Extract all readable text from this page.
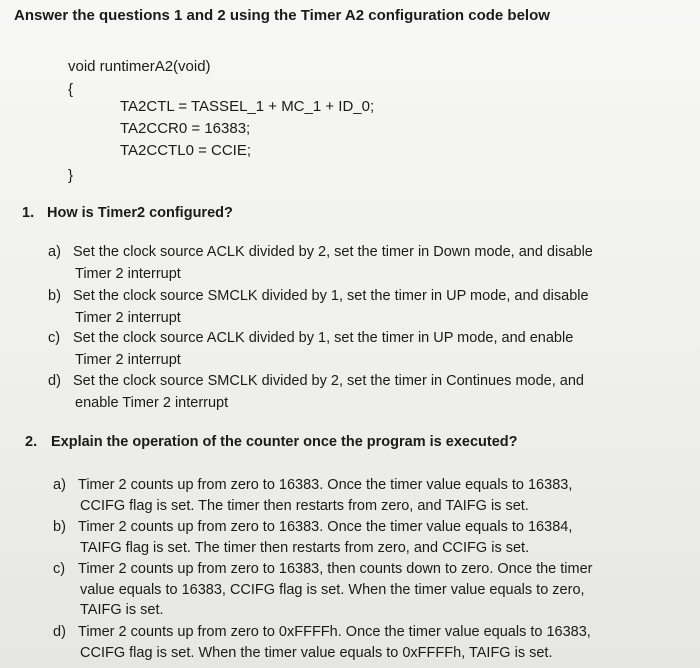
Answer the questions 1 and 2 using the Timer A2 configuration code below
void runtimerA2(void)
{
TA2CTL = TASSEL_1 + MC_1 + ID_0;
TA2CCR0 = 16383;
TA2CCTL0 = CCIE;
}
1. How is Timer2 configured?
a) Set the clock source ACLK divided by 2, set the timer in Down mode, and disable
Timer 2 interrupt
b) Set the clock source SMCLK divided by 1, set the timer in UP mode, and disable
Timer 2 interrupt
c) Set the clock source ACLK divided by 1, set the timer in UP mode, and enable
Timer 2 interrupt
d) Set the clock source SMCLK divided by 2, set the timer in Continues mode, and
enable Timer 2 interrupt
2. Explain the operation of the counter once the program is executed?
a) Timer 2 counts up from zero to 16383. Once the timer value equals to 16383,
CCIFG flag is set. The timer then restarts from zero, and TAIFG is set.
b) Timer 2 counts up from zero to 16383. Once the timer value equals to 16384,
TAIFG flag is set. The timer then restarts from zero, and CCIFG is set.
c) Timer 2 counts up from zero to 16383, then counts down to zero. Once the timer
value equals to 16383, CCIFG flag is set. When the timer value equals to zero,
TAIFG is set.
d) Timer 2 counts up from zero to 0xFFFFh. Once the timer value equals to 16383,
CCIFG flag is set. When the timer value equals to 0xFFFFh, TAIFG is set.
